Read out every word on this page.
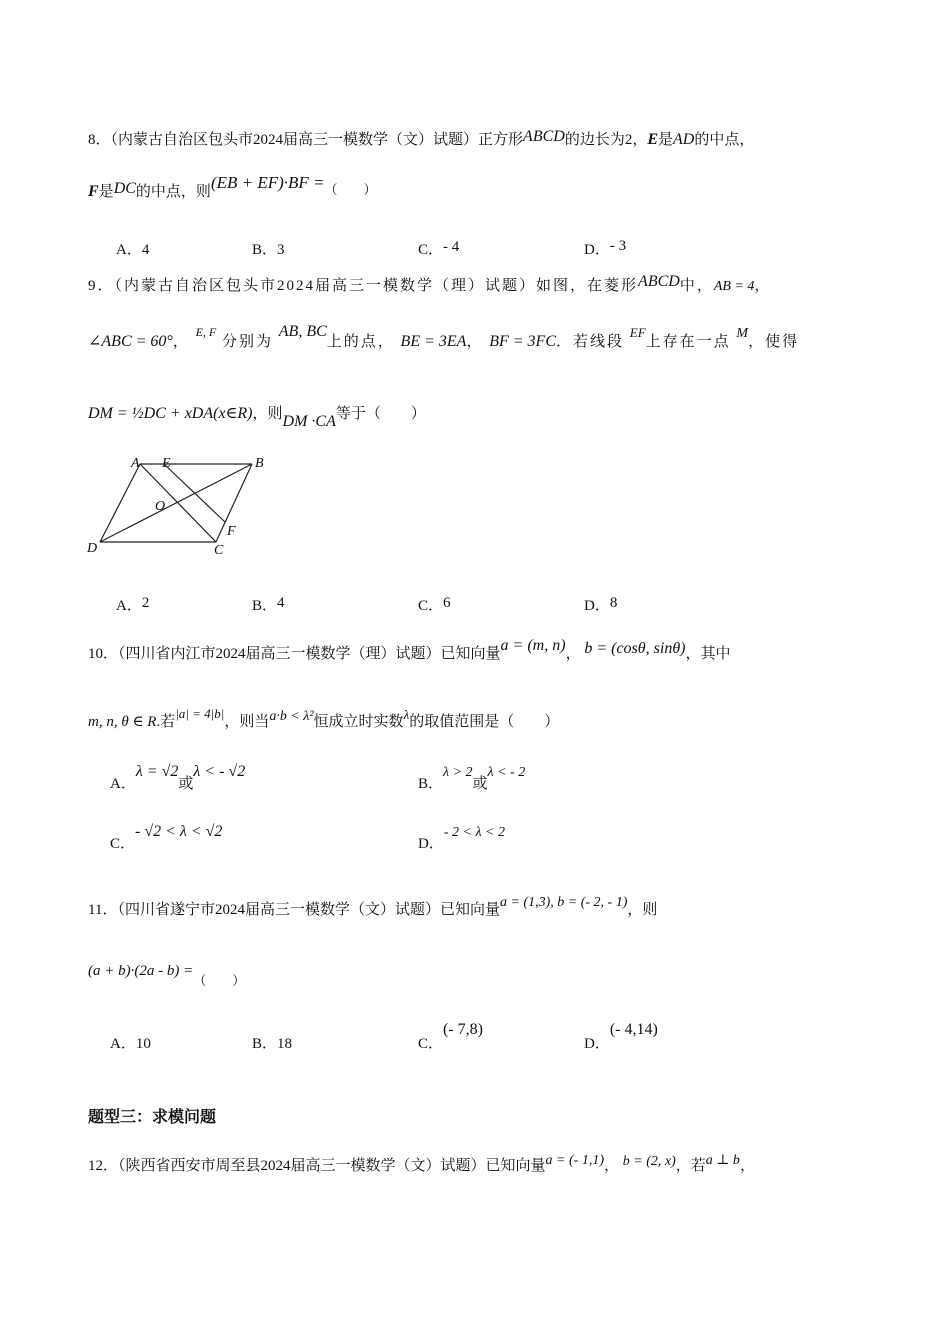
8．（内蒙古自治区包头市2024届高三一模数学（文）试题）正方形ABCD的边长为2，E是AD的中点，
F是DC的中点，则(EB + EF)·BF =（　　）
A．4	B．3	C．- 4	D．- 3
9．（内蒙古自治区包头市2024届高三一模数学（理）试题）如图，在菱形ABCD中，AB = 4，
∠ABC = 60°， $^{E, F}$ 分别为 AB, BC上的点， BE = 3EA， BF = 3FC．若线段 EF上存在一点 M，使得
DM = ½DC + xDA(x∈R)，则DM ·CA等于（　　）
A E	B
O
F
D	C
A．2	B．4	C．6	D．8
10．（四川省内江市2024届高三一模数学（理）试题）已知向量a = (m, n)， b = (cosθ, sinθ)，其中
m, n, θ ∈ R.若|a| = 4|b|，则当a·b < λ²恒成立时实数λ的取值范围是（　　）
A．λ = √2或λ < - √2
B．λ > 2或λ < - 2
C．- √2 < λ < √2
D．- 2 < λ < 2
11．（四川省遂宁市2024届高三一模数学（文）试题）已知向量a = (1,3), b = (- 2, - 1)，则
(a + b)·(2a - b) =（　　）
A．10	B．18	C．(- 7,8)
D．(- 4,14)
题型三：求模问题
12．（陕西省西安市周至县2024届高三一模数学（文）试题）已知向量a = (- 1,1)， b = (2, x)，若a ⊥ b，
